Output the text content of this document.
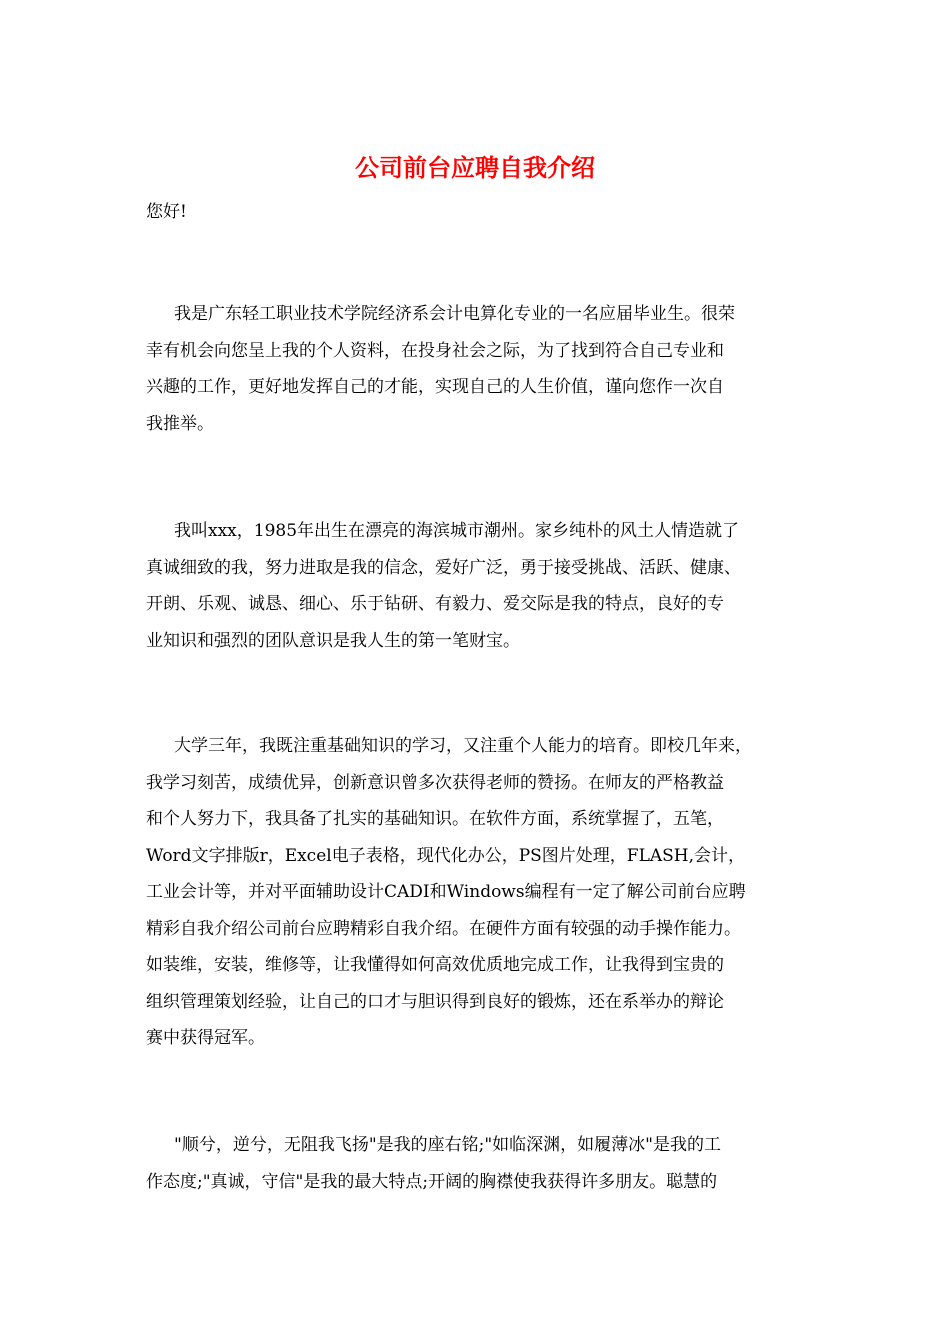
公司前台应聘自我介绍
您好!
我是广东轻工职业技术学院经济系会计电算化专业的一名应届毕业生。很荣
幸有机会向您呈上我的个人资料，在投身社会之际，为了找到符合自己专业和
兴趣的工作，更好地发挥自己的才能，实现自己的人生价值，谨向您作一次自
我推举。
我叫xxx，1985年出生在漂亮的海滨城市潮州。家乡纯朴的风土人情造就了
真诚细致的我，努力进取是我的信念，爱好广泛，勇于接受挑战、活跃、健康、
开朗、乐观、诚恳、细心、乐于钻研、有毅力、爱交际是我的特点，良好的专
业知识和强烈的团队意识是我人生的第一笔财宝。
大学三年，我既注重基础知识的学习，又注重个人能力的培育。即校几年来，
我学习刻苦，成绩优异，创新意识曾多次获得老师的赞扬。在师友的严格教益
和个人努力下，我具备了扎实的基础知识。在软件方面，系统掌握了，五笔，
Word文字排版r，Excel电子表格，现代化办公，PS图片处理，FLASH,会计，
工业会计等，并对平面辅助设计CADI和Windows编程有一定了解公司前台应聘
精彩自我介绍公司前台应聘精彩自我介绍。在硬件方面有较强的动手操作能力。
如装维，安装，维修等，让我懂得如何高效优质地完成工作，让我得到宝贵的
组织管理策划经验，让自己的口才与胆识得到良好的锻炼，还在系举办的辩论
赛中获得冠军。
"顺兮，逆兮，无阻我飞扬"是我的座右铭;"如临深渊，如履薄冰"是我的工
作态度;"真诚，守信"是我的最大特点;开阔的胸襟使我获得许多朋友。聪慧的
